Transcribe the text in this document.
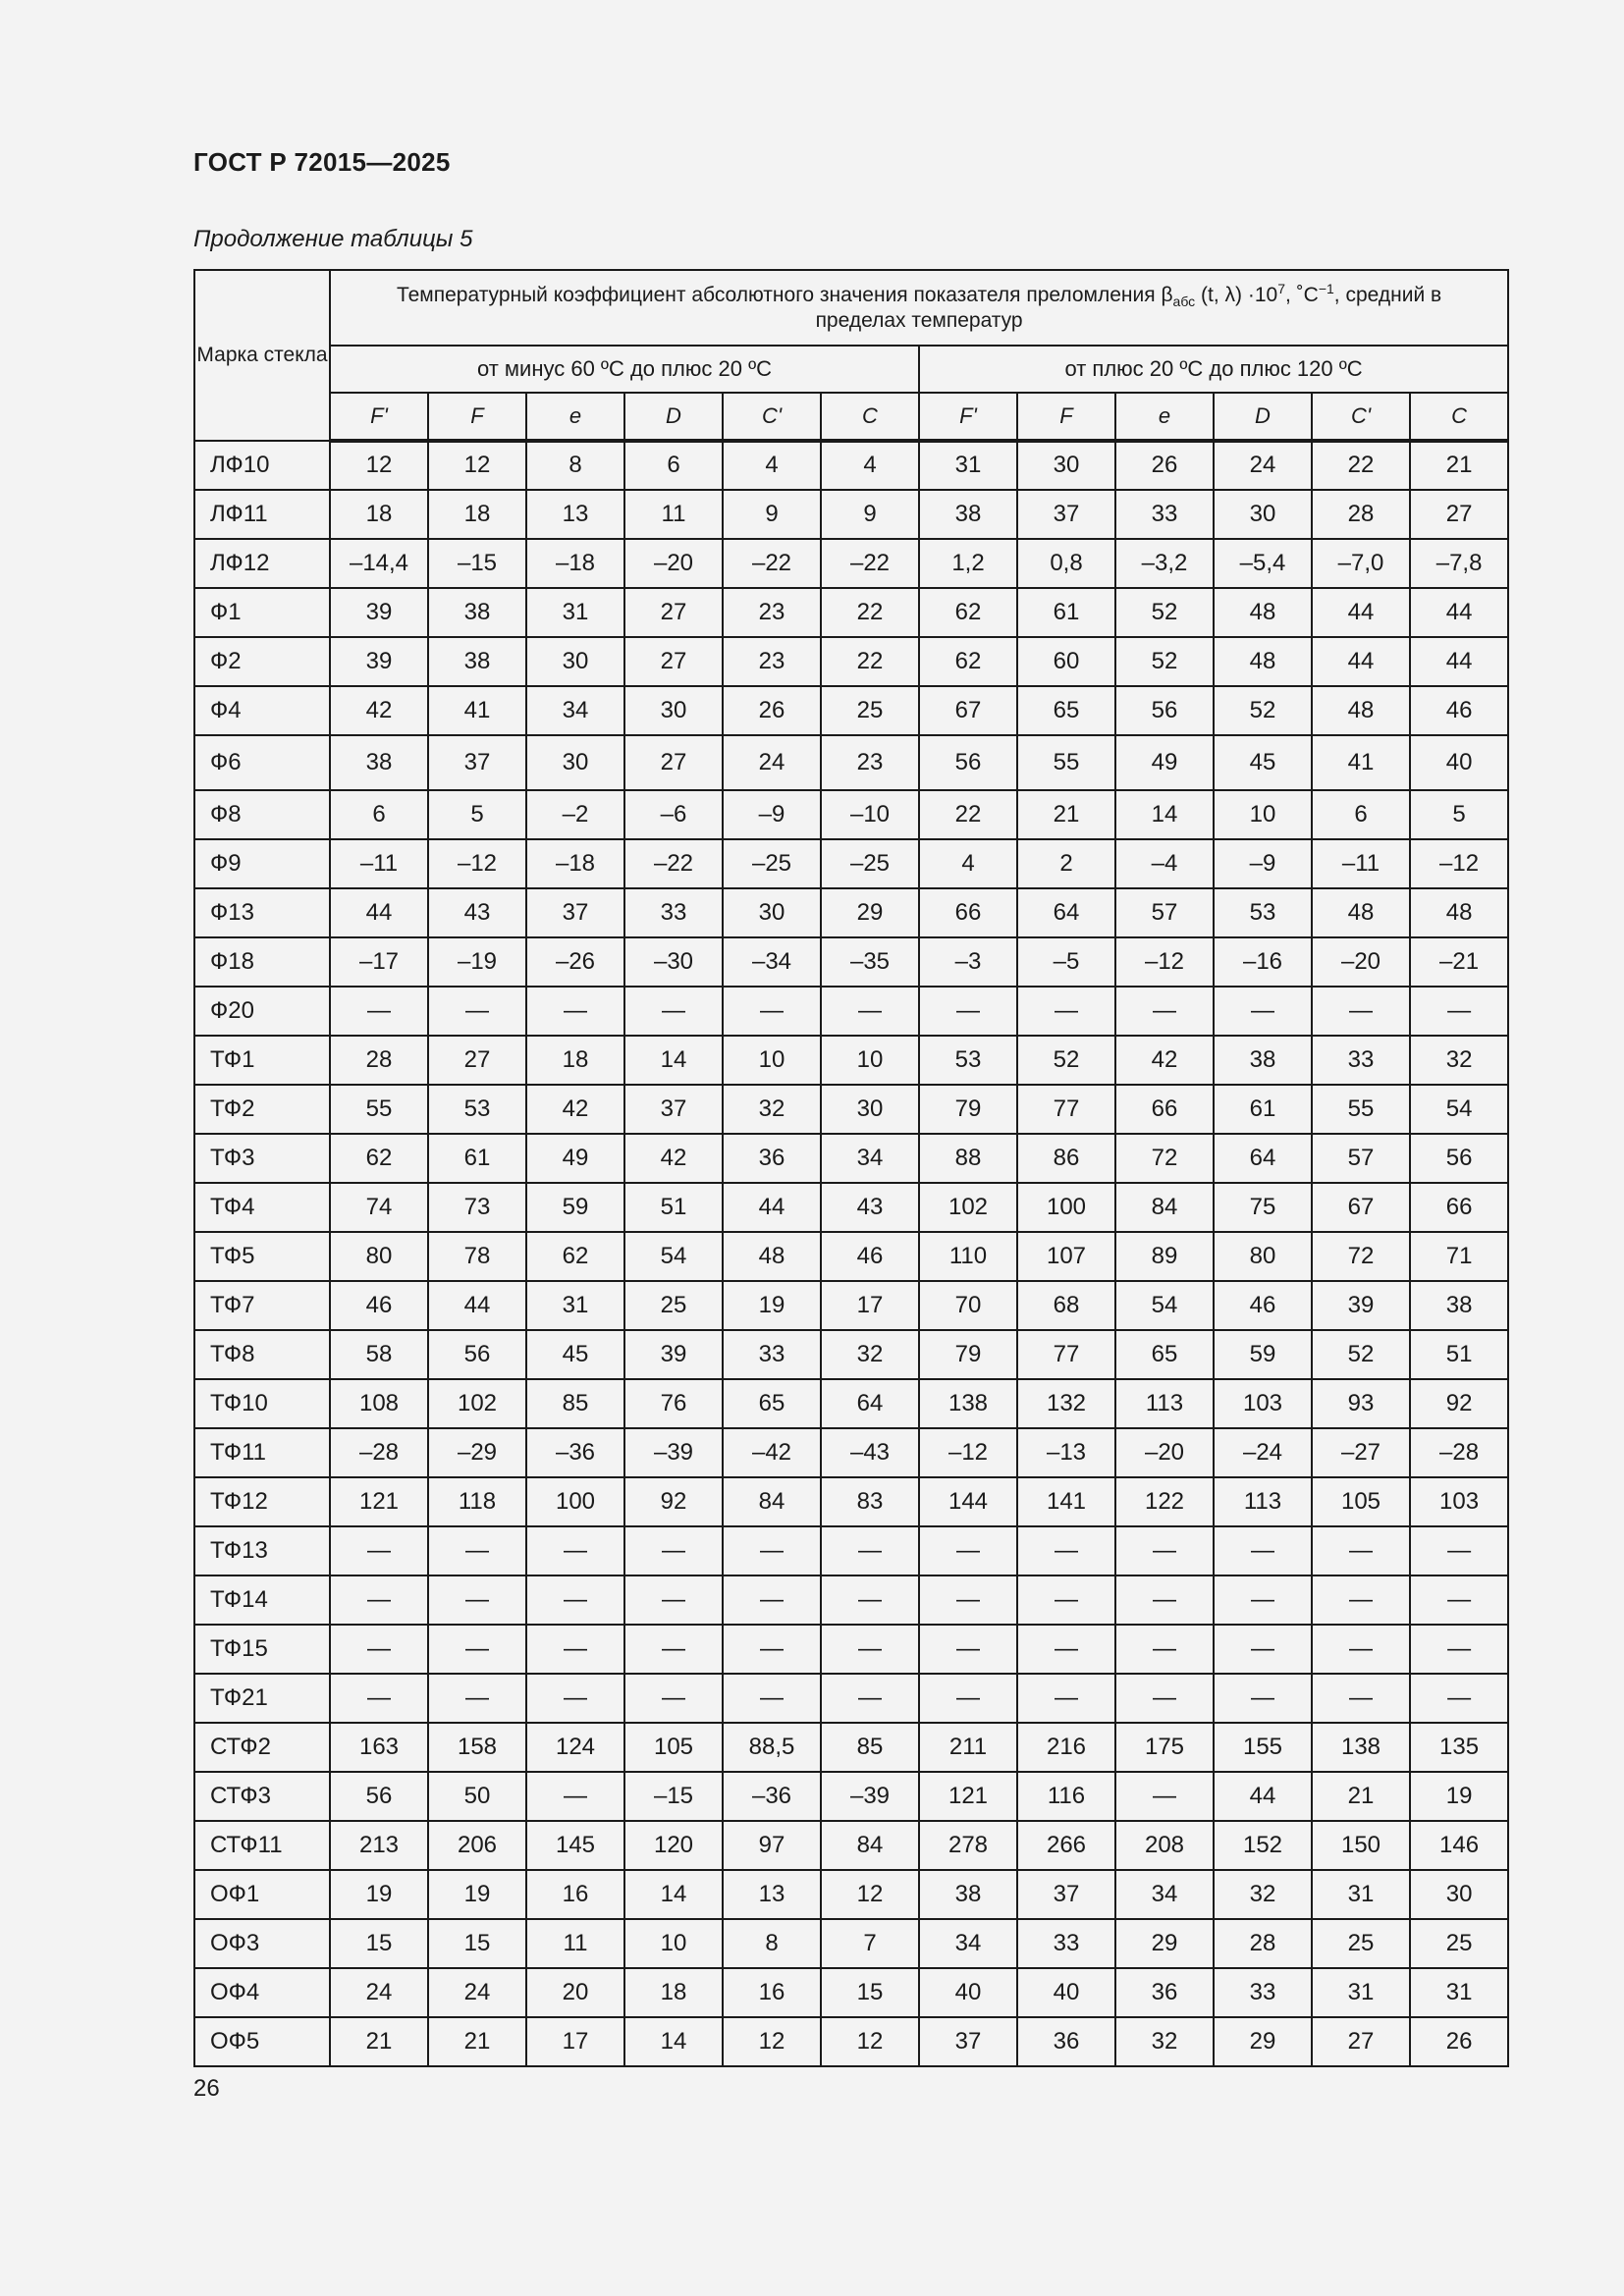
ГОСТ Р 72015—2025
Продолжение таблицы 5
Марка стекла	Температурный коэффициент абсолютного значения показателя преломления $\beta_{абс}$ (t, $\lambda) \cdot 10^7$, $˚C^{-1}$, средний в пределах температур											
	от минус 60 ºС до плюс 20 ºС						от плюс 20 ºС до плюс 120 ºС					
	F'	F	e	D	C'	C	F'	F	e	D	C'	C
ЛФ10	12	12	8	6	4	4	31	30	26	24	22	21
ЛФ11	18	18	13	11	9	9	38	37	33	30	28	27
ЛФ12	–14,4	–15	–18	–20	–22	–22	1,2	0,8	–3,2	–5,4	–7,0	–7,8
Ф1	39	38	31	27	23	22	62	61	52	48	44	44
Ф2	39	38	30	27	23	22	62	60	52	48	44	44
Ф4	42	41	34	30	26	25	67	65	56	52	48	46
Ф6	38	37	30	27	24	23	56	55	49	45	41	40
Ф8	6	5	–2	–6	–9	–10	22	21	14	10	6	5
Ф9	–11	–12	–18	–22	–25	–25	4	2	–4	–9	–11	–12
Ф13	44	43	37	33	30	29	66	64	57	53	48	48
Ф18	–17	–19	–26	–30	–34	–35	–3	–5	–12	–16	–20	–21
Ф20	—	—	—	—	—	—	—	—	—	—	—	—
ТФ1	28	27	18	14	10	10	53	52	42	38	33	32
ТФ2	55	53	42	37	32	30	79	77	66	61	55	54
ТФ3	62	61	49	42	36	34	88	86	72	64	57	56
ТФ4	74	73	59	51	44	43	102	100	84	75	67	66
ТФ5	80	78	62	54	48	46	110	107	89	80	72	71
ТФ7	46	44	31	25	19	17	70	68	54	46	39	38
ТФ8	58	56	45	39	33	32	79	77	65	59	52	51
ТФ10	108	102	85	76	65	64	138	132	113	103	93	92
ТФ11	–28	–29	–36	–39	–42	–43	–12	–13	–20	–24	–27	–28
ТФ12	121	118	100	92	84	83	144	141	122	113	105	103
ТФ13	—	—	—	—	—	—	—	—	—	—	—	—
ТФ14	—	—	—	—	—	—	—	—	—	—	—	—
ТФ15	—	—	—	—	—	—	—	—	—	—	—	—
ТФ21	—	—	—	—	—	—	—	—	—	—	—	—
СТФ2	163	158	124	105	88,5	85	211	216	175	155	138	135
СТФ3	56	50	—	–15	–36	–39	121	116	—	44	21	19
СТФ11	213	206	145	120	97	84	278	266	208	152	150	146
ОФ1	19	19	16	14	13	12	38	37	34	32	31	30
ОФ3	15	15	11	10	8	7	34	33	29	28	25	25
ОФ4	24	24	20	18	16	15	40	40	36	33	31	31
ОФ5	21	21	17	14	12	12	37	36	32	29	27	26
26
